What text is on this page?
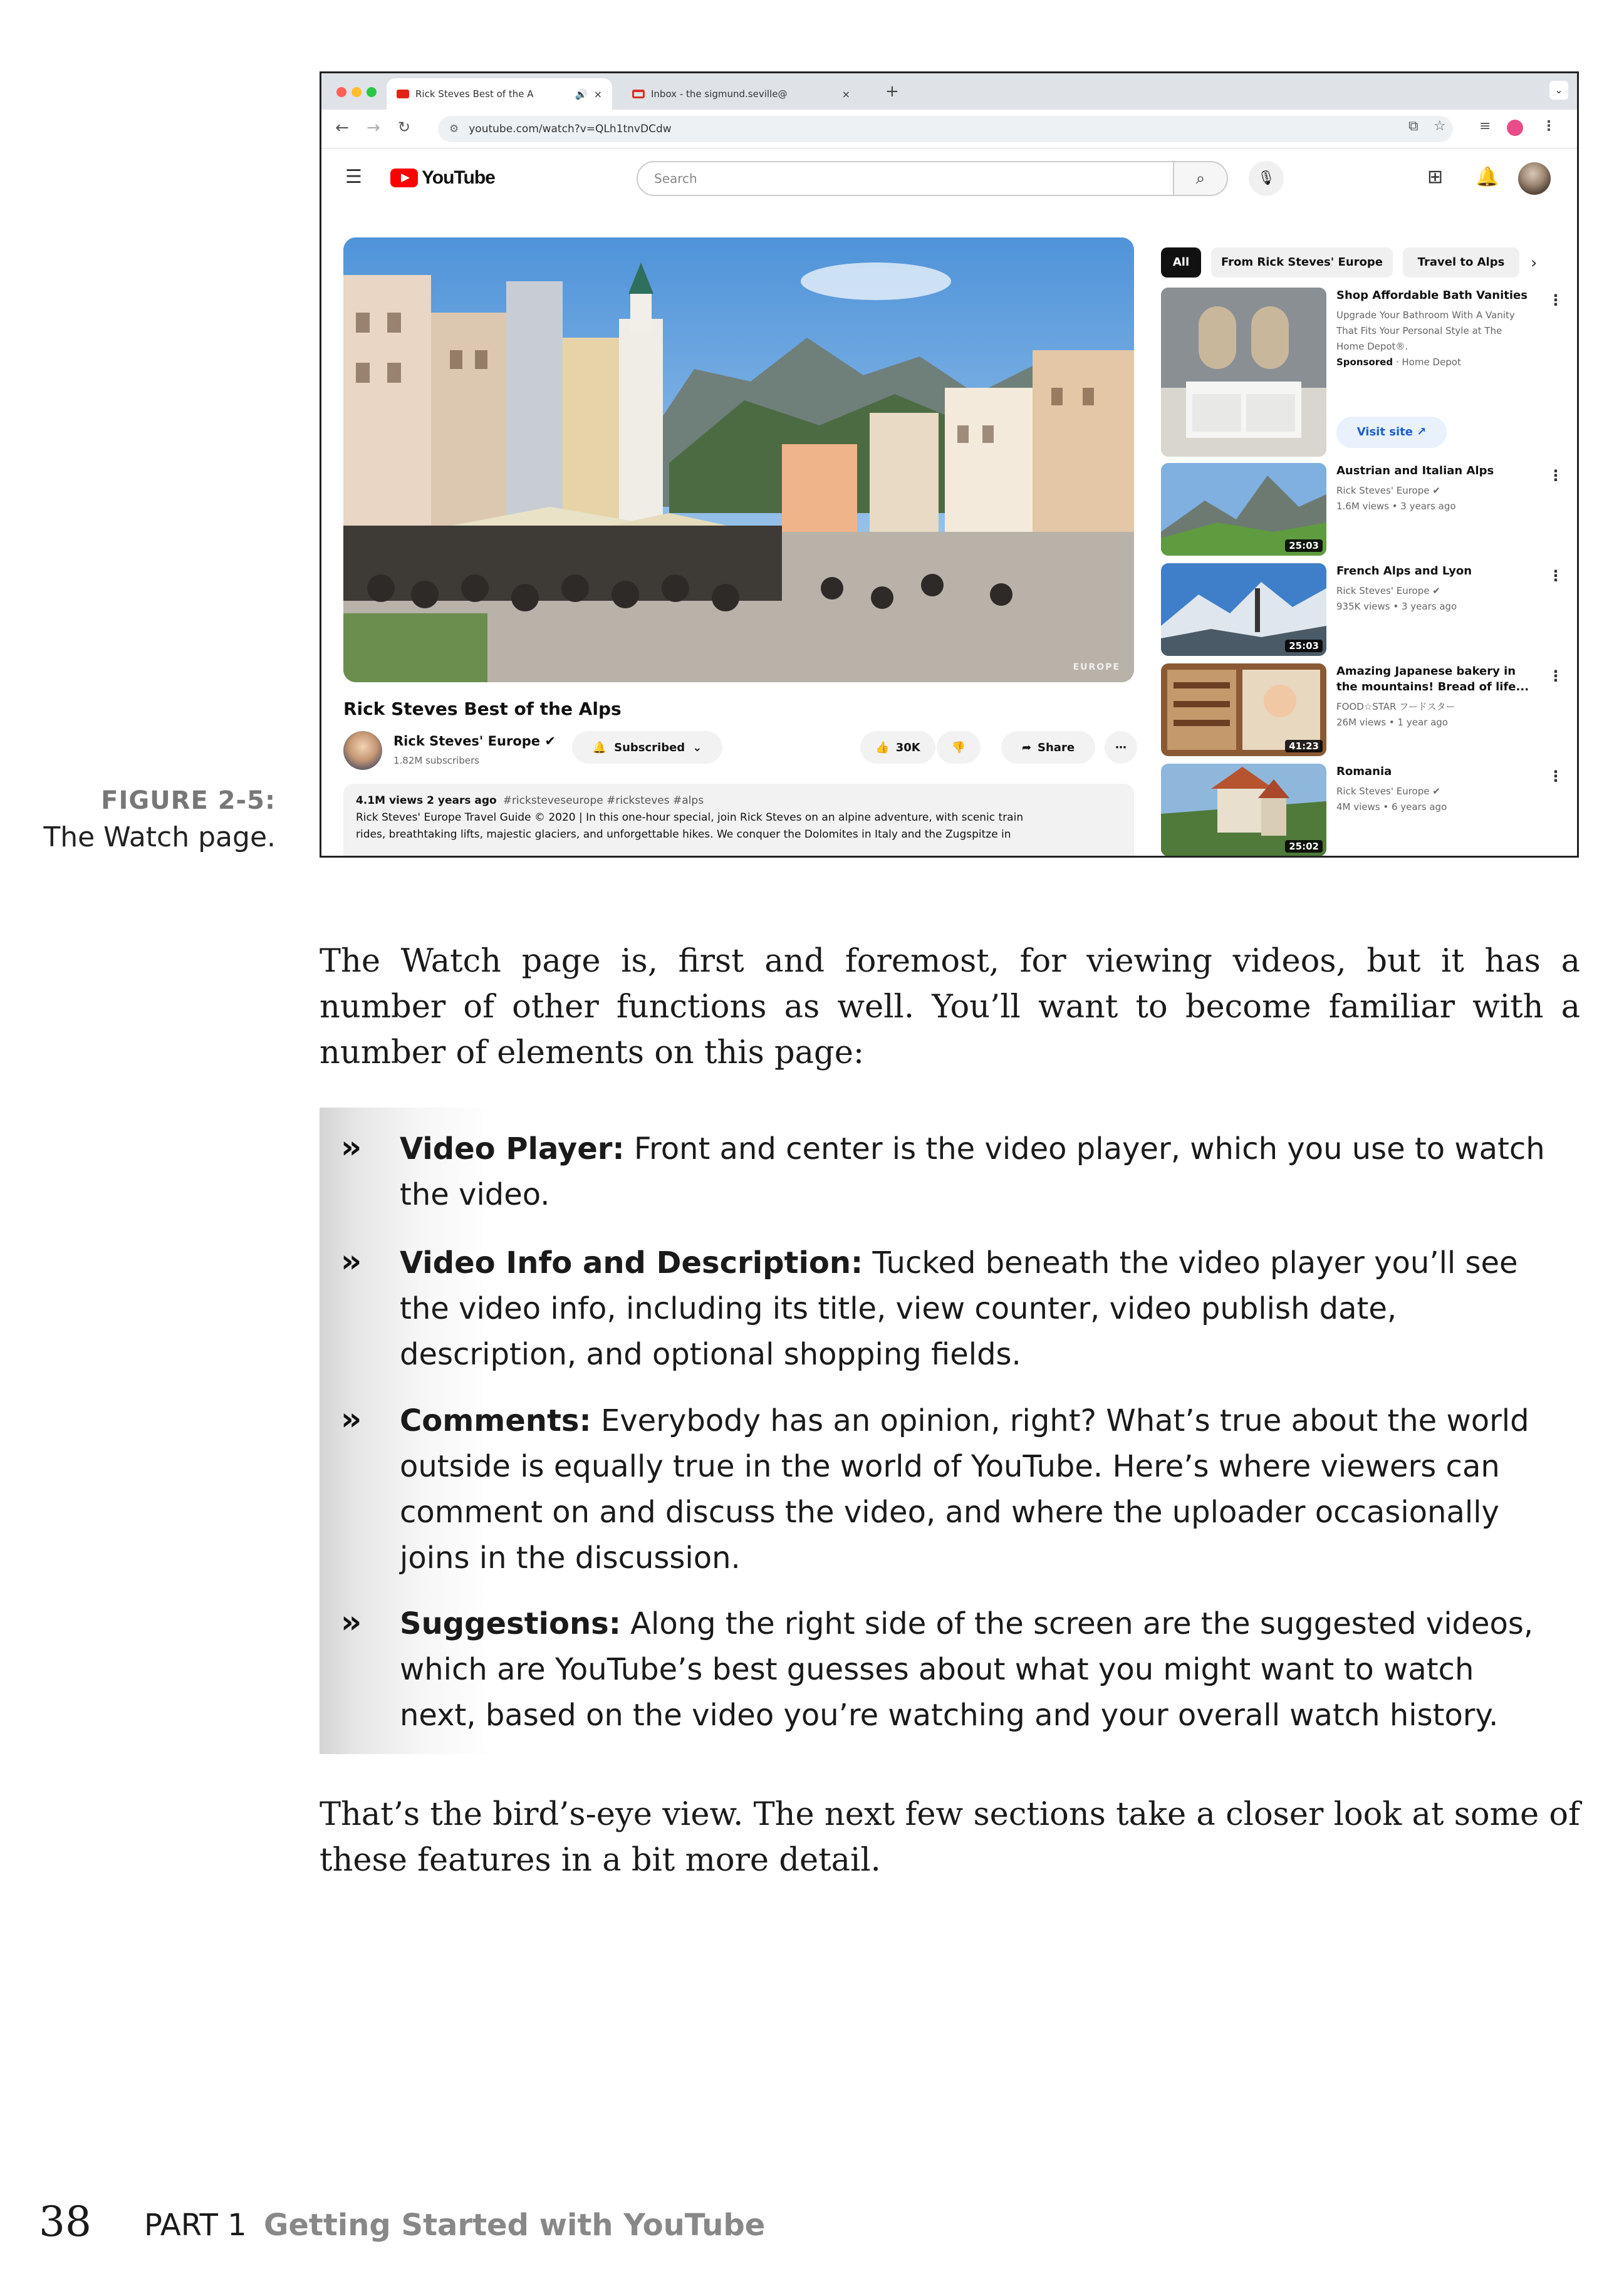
FIGURE 2-5:
The Watch page.
Rick Steves Best of the A	🔊 ×	Inbox - the sigmund.seville@	× +	⌄
← → ↻	⚙ youtube.com/watch?v=QLh1tnvDCdw	⧉ ☆ ≡	⋮
☰	YouTube	Search	⌕	🎙	⊞ 🔔
EUROPE
Rick Steves Best of the Alps
Rick Steves' Europe ✔
1.82M subscribers
🔔 Subscribed ⌄	👍 30K	👎	➦ Share	⋯
4.1M views 2 years ago #ricksteveseurope #ricksteves #alps
Rick Steves' Europe Travel Guide © 2020 | In this one-hour special, join Rick Steves on an alpine adventure, with scenic train
rides, breathtaking lifts, majestic glaciers, and unforgettable hikes. We conquer the Dolomites in Italy and the Zugspitze in
All	From Rick Steves' Europe	Travel to Alps	›
Shop Affordable Bath Vanities
Upgrade Your Bathroom With A Vanity
That Fits Your Personal Style at The
Home Depot®.
Sponsored · Home Depot
Visit site ↗
⋮
25:03
Austrian and Italian Alps
Rick Steves' Europe ✔
1.6M views • 3 years ago
⋮
25:03
French Alps and Lyon
Rick Steves' Europe ✔
935K views • 3 years ago
⋮
41:23
Amazing Japanese bakery in
the mountains! Bread of life...
FOOD☆STAR フードスター
26M views • 1 year ago
⋮
25:02
Romania
Rick Steves' Europe ✔
4M views • 6 years ago
⋮

The Watch page is, first and foremost, for viewing videos, but it has a number of other functions as well. You’ll want to become familiar with a number of elements on this page:

›› Video Player: Front and center is the video player, which you use to watch the video.
›› Video Info and Description: Tucked beneath the video player you’ll see the video info, including its title, view counter, video publish date, description, and optional shopping fields.
›› Comments: Everybody has an opinion, right? What’s true about the world outside is equally true in the world of YouTube. Here’s where viewers can comment on and discuss the video, and where the uploader occasionally joins in the discussion.
›› Suggestions: Along the right side of the screen are the suggested videos, which are YouTube’s best guesses about what you might want to watch next, based on the video you’re watching and your overall watch history.

That’s the bird’s-eye view. The next few sections take a closer look at some of these features in a bit more detail.

38 PART 1 Getting Started with YouTube
